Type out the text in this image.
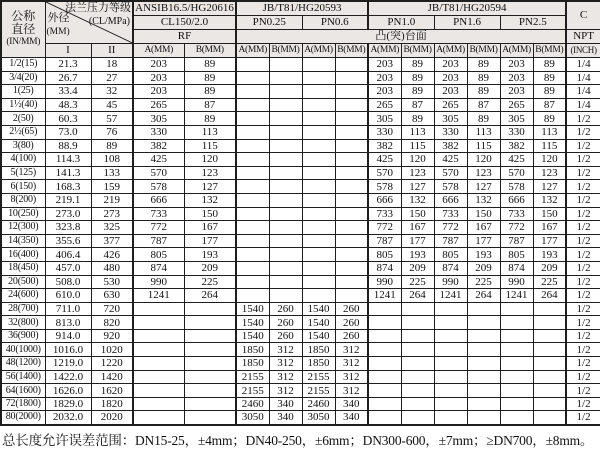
公称
直径
(IN/MM)	法兰压力等级
(CL/MPa)
外径
(MM)		ANSIB16.5/HG20616		JB/T81/HG20593				JB/T81/HG20594						C
			CL150/2.0		PN0.25		PN0.6		PN1.0		PN1.6		PN2.5		
			RF		凸(突)台面										NPT
	I	II	A(MM)	B(MM)	A(MM)	B(MM)	A(MM)	B(MM)	A(MM)	B(MM)	A(MM)	B(MM)	A(MM)	B(MM)	(INCH)
1/2(15)	21.3	18	203	89					203	89	203	89	203	89	1/4
3/4(20)	26.7	27	203	89					203	89	203	89	203	89	1/4
1(25)	33.4	32	203	89					203	89	203	89	203	89	1/4
1½(40)	48.3	45	265	87					265	87	265	87	265	87	1/4
2(50)	60.3	57	305	89					305	89	305	89	305	89	1/2
2½(65)	73.0	76	330	113					330	113	330	113	330	113	1/2
3(80)	88.9	89	382	115					382	115	382	115	382	115	1/2
4(100)	114.3	108	425	120					425	120	425	120	425	120	1/2
5(125)	141.3	133	570	123					570	123	570	123	570	123	1/2
6(150)	168.3	159	578	127					578	127	578	127	578	127	1/2
8(200)	219.1	219	666	132					666	132	666	132	666	132	1/2
10(250)	273.0	273	733	150					733	150	733	150	733	150	1/2
12(300)	323.8	325	772	167					772	167	772	167	772	167	1/2
14(350)	355.6	377	787	177					787	177	787	177	787	177	1/2
16(400)	406.4	426	805	193					805	193	805	193	805	193	1/2
18(450)	457.0	480	874	209					874	209	874	209	874	209	1/2
20(500)	508.0	530	990	225					990	225	990	225	990	225	1/2
24(600)	610.0	630	1241	264					1241	264	1241	264	1241	264	1/2
28(700)	711.0	720			1540	260	1540	260							1/2
32(800)	813.0	820			1540	260	1540	260							1/2
36(900)	914.0	920			1540	260	1540	260							1/2
40(1000)	1016.0	1020			1850	312	1850	312							1/2
48(1200)	1219.0	1220			1850	312	1850	312							1/2
56(1400)	1422.0	1420			2155	312	2155	312							1/2
64(1600)	1626.0	1620			2155	312	2155	312							1/2
72(1800)	1829.0	1820			2460	340	2460	340							1/2
80(2000)	2032.0	2020			3050	340	3050	340							1/2
总长度允许误差范围：DN15-25，±4mm；DN40-250，±6mm；DN300-600，±7mm；≥DN700，±8mm。
